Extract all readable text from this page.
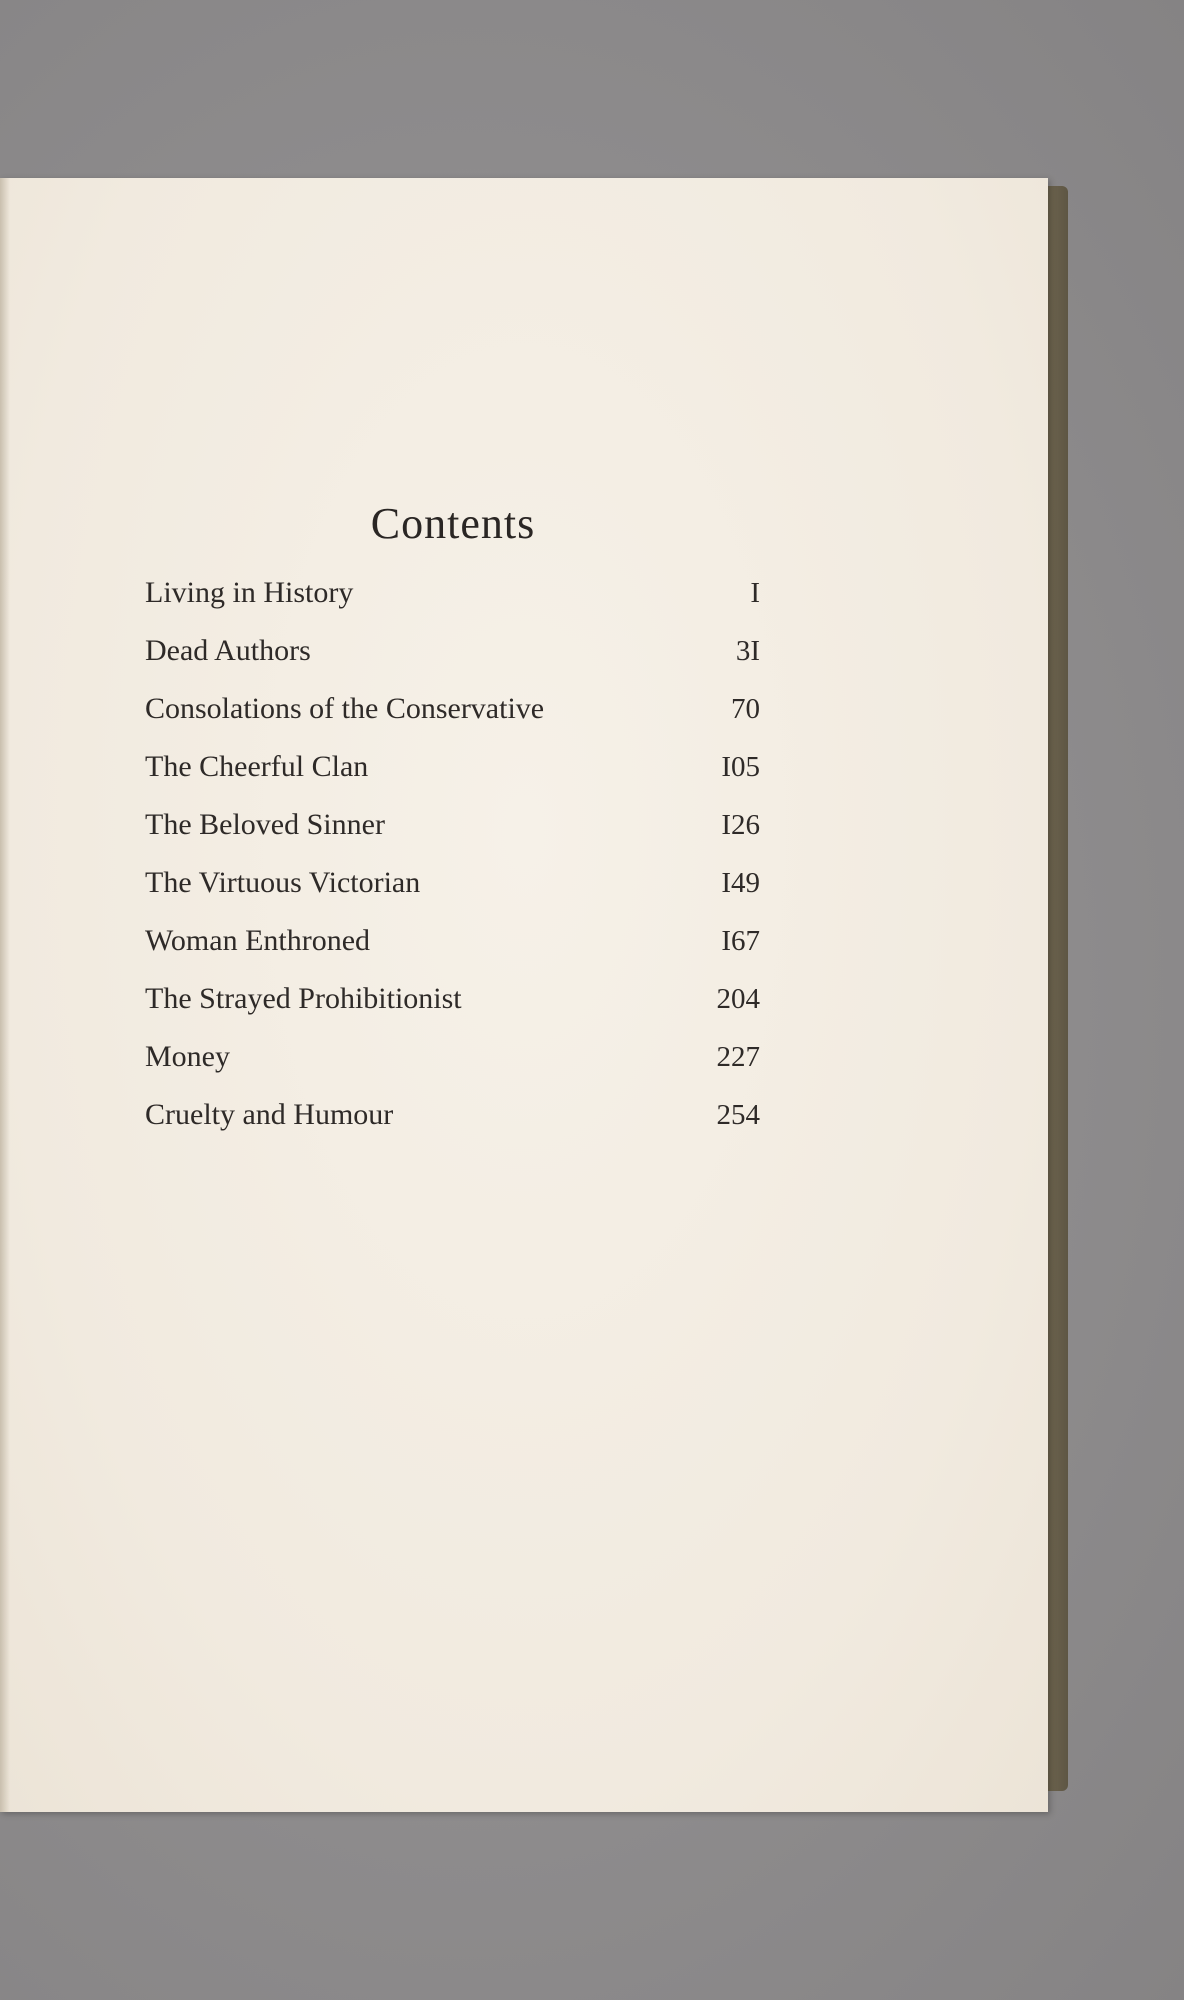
Contents
Living in History	I
Dead Authors	3I
Consolations of the Conservative	70
The Cheerful Clan	I05
The Beloved Sinner	I26
The Virtuous Victorian	I49
Woman Enthroned	I67
The Strayed Prohibitionist	204
Money	227
Cruelty and Humour	254
